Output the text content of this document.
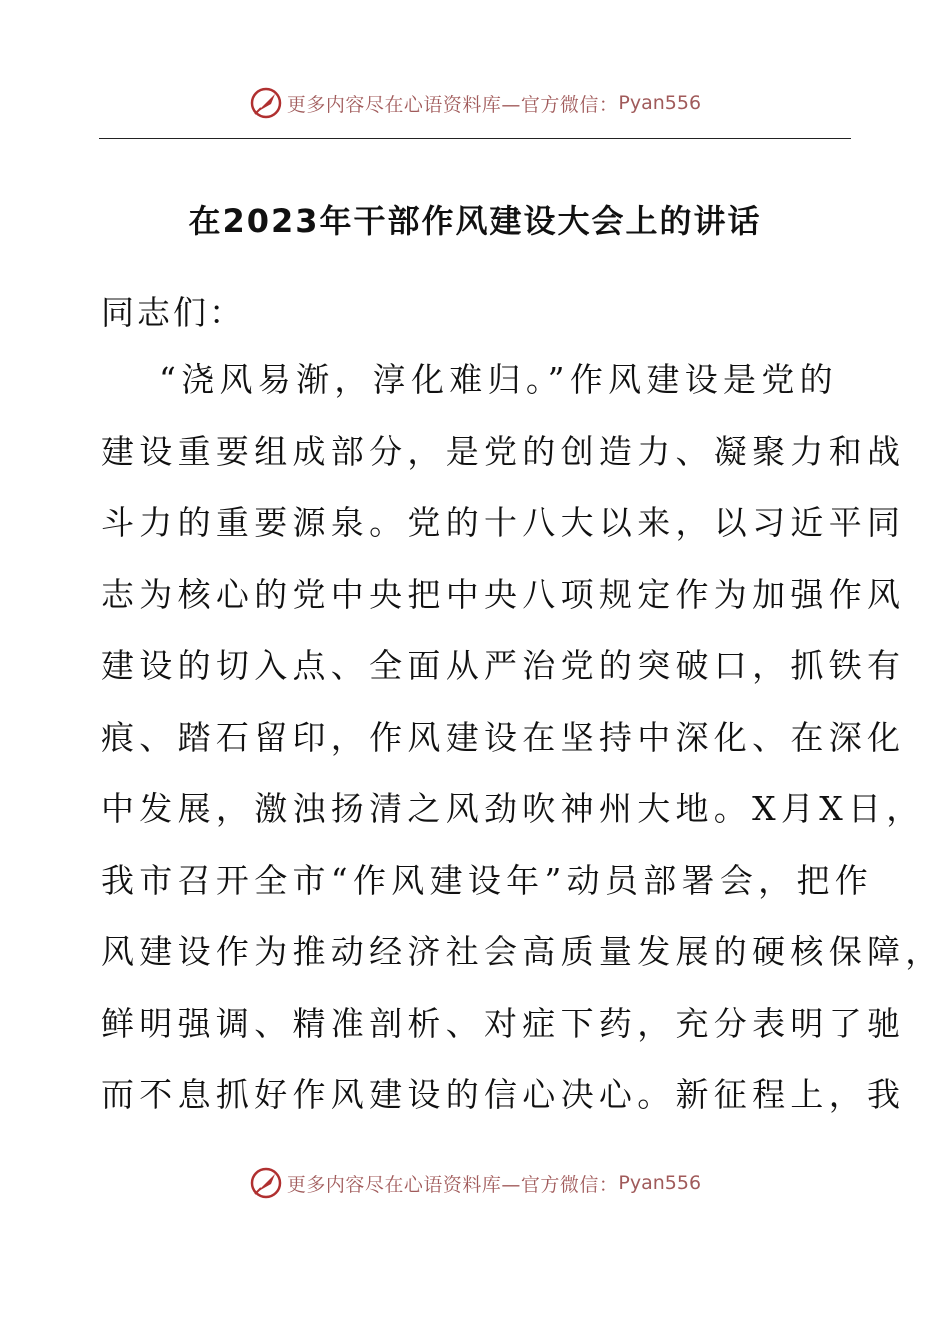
更多内容尽在心语资料库—官方微信： Pyan556
在2023年干部作风建设大会上的讲话
同志们：
“浇风易渐，淳化难归。”作风建设是党的
建设重要组成部分，是党的创造力、凝聚力和战
斗力的重要源泉。党的十八大以来，以习近平同
志为核心的党中央把中央八项规定作为加强作风
建设的切入点、全面从严治党的突破口，抓铁有
痕、踏石留印，作风建设在坚持中深化、在深化
中发展，激浊扬清之风劲吹神州大地。X月X日，
我市召开全市“作风建设年”动员部署会，把作
风建设作为推动经济社会高质量发展的硬核保障，
鲜明强调、精准剖析、对症下药，充分表明了驰
而不息抓好作风建设的信心决心。新征程上，我
更多内容尽在心语资料库—官方微信： Pyan556
